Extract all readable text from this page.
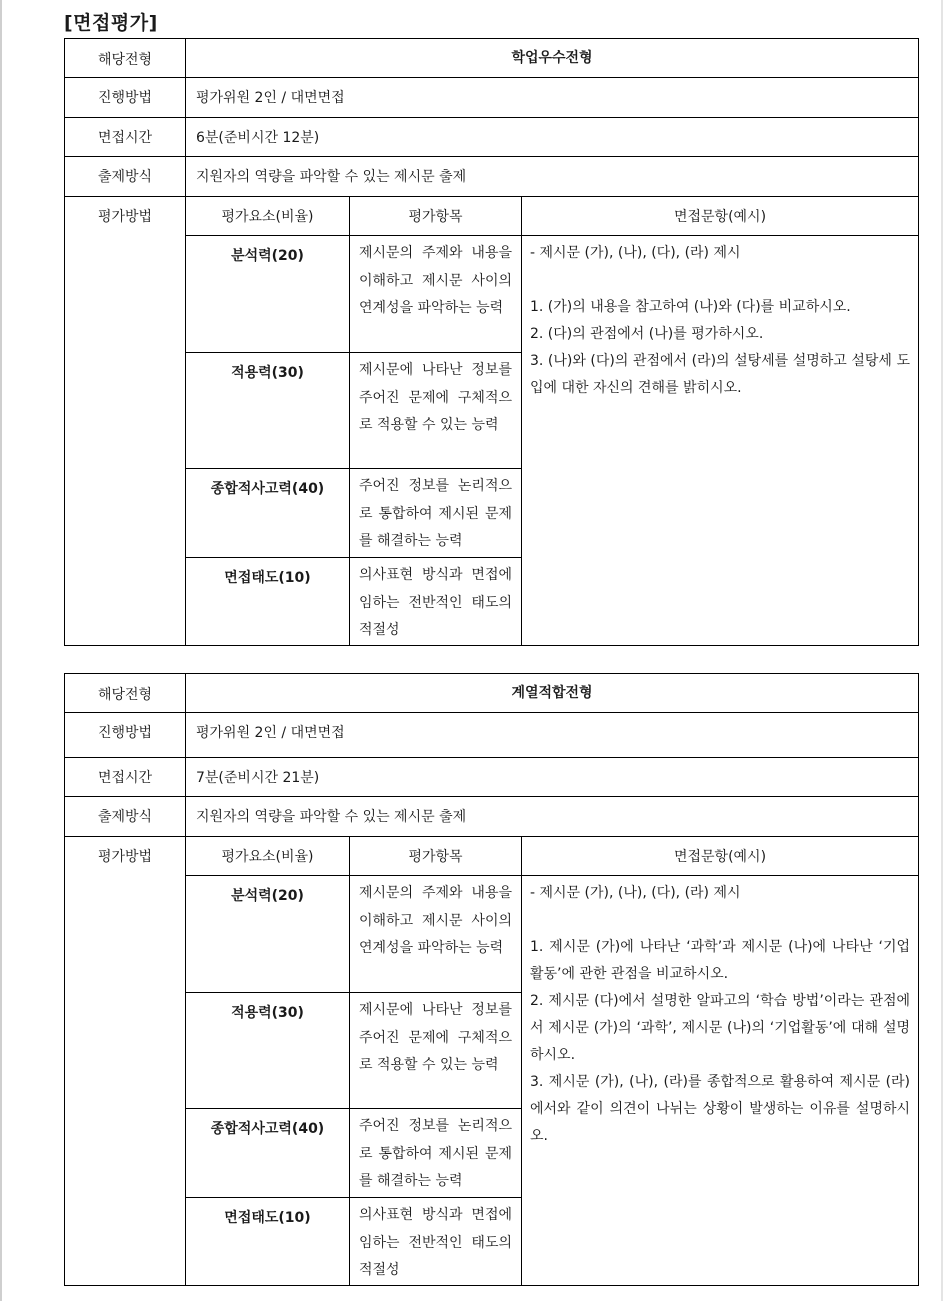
[면접평가]
해당전형	학업우수전형		
진행방법	평가위원 2인 / 대면면접		
면접시간	6분(준비시간 12분)		
출제방식	지원자의 역량을 파악할 수 있는 제시문 출제		
평가방법	평가요소(비율)	평가항목	면접문항(예시)
	분석력(20)	제시문의 주제와 내용을 이해하고 제시문 사이의 연계성을 파악하는 능력	- 제시문 (가), (나), (다), (라) 제시
1. (가)의 내용을 참고하여 (나)와 (다)를 비교하시오.
2. (다)의 관점에서 (나)를 평가하시오.
3. (나)와 (다)의 관점에서 (라)의 설탕세를 설명하고 설탕세 도입에 대한 자신의 견해를 밝히시오.

	적용력(30)	제시문에 나타난 정보를 주어진 문제에 구체적으로 적용할 수 있는 능력	
	종합적사고력(40)	주어진 정보를 논리적으로 통합하여 제시된 문제를 해결하는 능력	
	면접태도(10)	의사표현 방식과 면접에 임하는 전반적인 태도의 적절성	
해당전형	계열적합전형		
진행방법	평가위원 2인 / 대면면접		
면접시간	7분(준비시간 21분)		
출제방식	지원자의 역량을 파악할 수 있는 제시문 출제		
평가방법	평가요소(비율)	평가항목	면접문항(예시)
	분석력(20)	제시문의 주제와 내용을 이해하고 제시문 사이의 연계성을 파악하는 능력	- 제시문 (가), (나), (다), (라) 제시
1. 제시문 (가)에 나타난 ‘과학’과 제시문 (나)에 나타난 ‘기업활동’에 관한 관점을 비교하시오.
2. 제시문 (다)에서 설명한 알파고의 ‘학습 방법’이라는 관점에서 제시문 (가)의 ‘과학’, 제시문 (나)의 ‘기업활동’에 대해 설명하시오.
3. 제시문 (가), (나), (라)를 종합적으로 활용하여 제시문 (라)에서와 같이 의견이 나뉘는 상황이 발생하는 이유를 설명하시오.

	적용력(30)	제시문에 나타난 정보를 주어진 문제에 구체적으로 적용할 수 있는 능력	
	종합적사고력(40)	주어진 정보를 논리적으로 통합하여 제시된 문제를 해결하는 능력	
	면접태도(10)	의사표현 방식과 면접에 임하는 전반적인 태도의 적절성	
